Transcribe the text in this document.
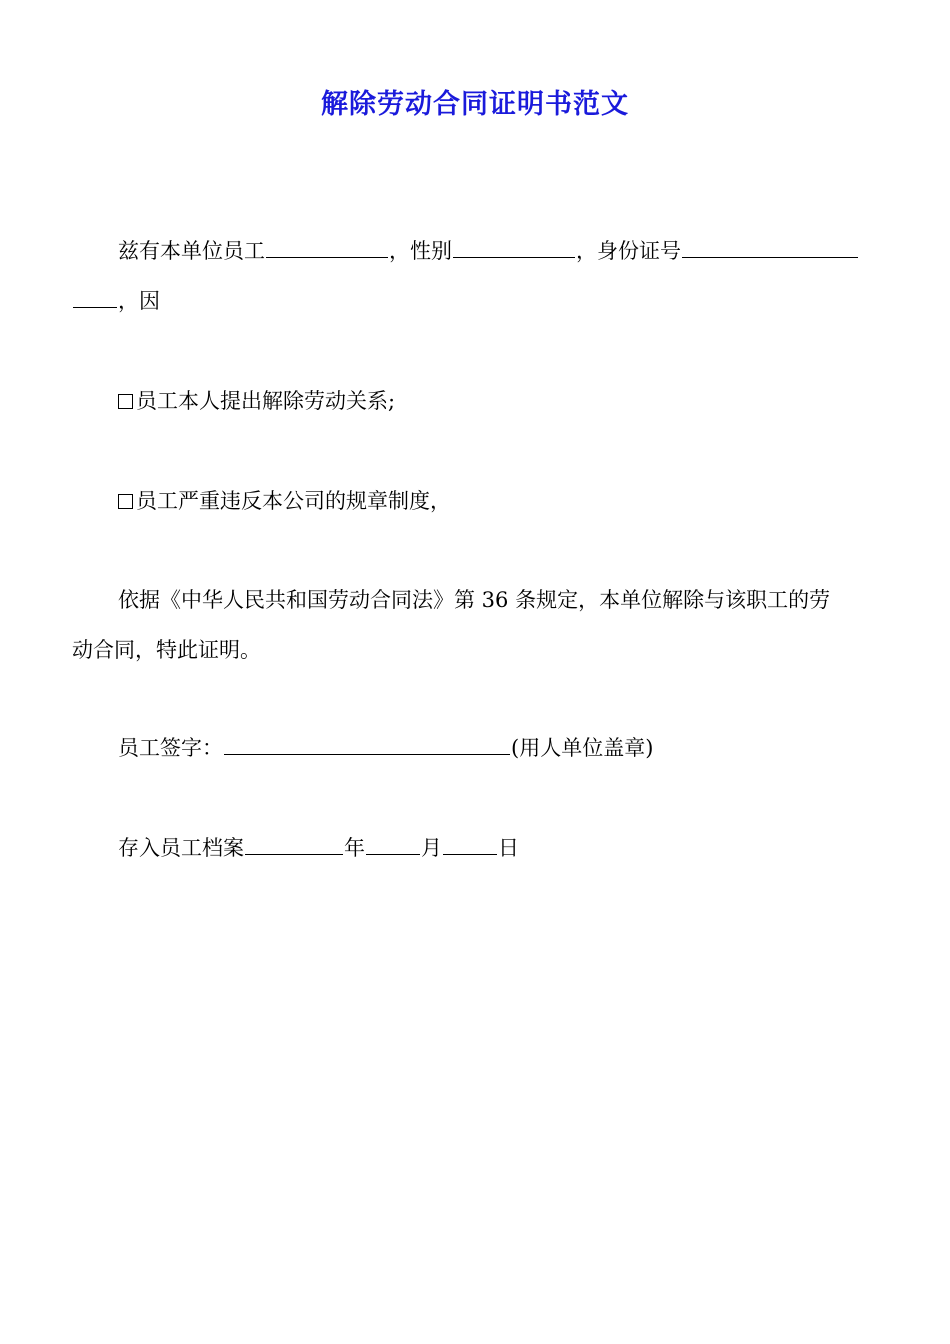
解除劳动合同证明书范文
兹有本单位员工	，性别	，身份证号
，因
员工本人提出解除劳动关系;
员工严重违反本公司的规章制度，
依据《中华人民共和国劳动合同法》第 36 条规定，本单位解除与该职工的劳
动合同，特此证明。
员工签字：	(用人单位盖章)
存入员工档案	年	月	日
